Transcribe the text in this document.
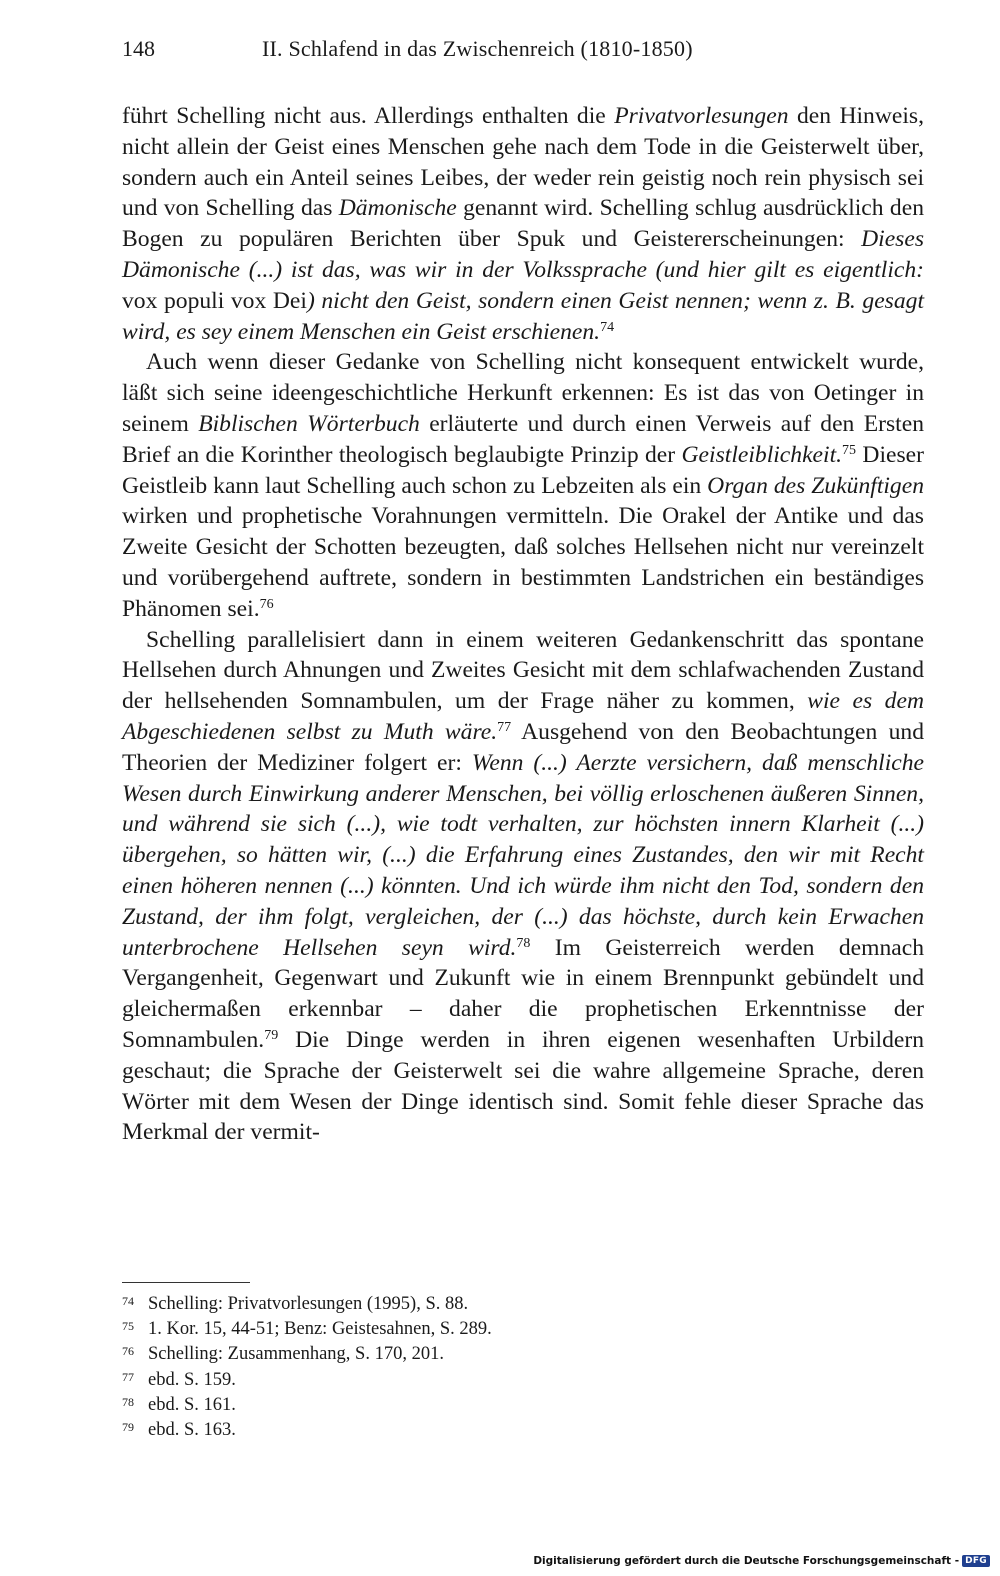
148	II. Schlafend in das Zwischenreich (1810-1850)

führt Schelling nicht aus. Allerdings enthalten die Privatvorlesungen den Hinweis, nicht allein der Geist eines Menschen gehe nach dem Tode in die Geisterwelt über, sondern auch ein Anteil seines Leibes, der weder rein geistig noch rein physisch sei und von Schelling das Dämonische genannt wird. Schelling schlug ausdrücklich den Bogen zu populären Berichten über Spuk und Geistererscheinungen: Dieses Dämonische (...) ist das, was wir in der Volkssprache (und hier gilt es eigentlich: vox populi vox Dei) nicht den Geist, sondern einen Geist nennen; wenn z. B. gesagt wird, es sey einem Menschen ein Geist erschienen.$^{74}$

Auch wenn dieser Gedanke von Schelling nicht konsequent entwickelt wurde, läßt sich seine ideengeschichtliche Herkunft erkennen: Es ist das von Oetinger in seinem Biblischen Wörterbuch erläuterte und durch einen Verweis auf den Ersten Brief an die Korinther theologisch beglaubigte Prinzip der Geistleiblichkeit.$^{75}$ Dieser Geistleib kann laut Schelling auch schon zu Lebzeiten als ein Organ des Zukünftigen wirken und prophetische Vorahnungen vermitteln. Die Orakel der Antike und das Zweite Gesicht der Schotten bezeugten, daß solches Hellsehen nicht nur vereinzelt und vorübergehend auftrete, sondern in bestimmten Landstrichen ein beständiges Phänomen sei.$^{76}$

Schelling parallelisiert dann in einem weiteren Gedankenschritt das spontane Hellsehen durch Ahnungen und Zweites Gesicht mit dem schlafwachenden Zustand der hellsehenden Somnambulen, um der Frage näher zu kommen, wie es dem Abgeschiedenen selbst zu Muth wäre.$^{77}$ Ausgehend von den Beobachtungen und Theorien der Mediziner folgert er: Wenn (...) Aerzte versichern, daß menschliche Wesen durch Einwirkung anderer Menschen, bei völlig erloschenen äußeren Sinnen, und während sie sich (...), wie todt verhalten, zur höchsten innern Klarheit (...) übergehen, so hätten wir, (...) die Erfahrung eines Zustandes, den wir mit Recht einen höheren nennen (...) könnten. Und ich würde ihm nicht den Tod, sondern den Zustand, der ihm folgt, vergleichen, der (...) das höchste, durch kein Erwachen unterbrochene Hellsehen seyn wird.$^{78}$ Im Geisterreich werden demnach Vergangenheit, Gegenwart und Zukunft wie in einem Brennpunkt gebündelt und gleichermaßen erkennbar – daher die prophetischen Erkenntnisse der Somnambulen.$^{79}$ Die Dinge werden in ihren eigenen wesenhaften Urbildern geschaut; die Sprache der Geisterwelt sei die wahre allgemeine Sprache, deren Wörter mit dem Wesen der Dinge identisch sind. Somit fehle dieser Sprache das Merkmal der vermit-

74 Schelling: Privatvorlesungen (1995), S. 88.
75 1. Kor. 15, 44-51; Benz: Geistesahnen, S. 289.
76 Schelling: Zusammenhang, S. 170, 201.
77 ebd. S. 159.
78 ebd. S. 161.
79 ebd. S. 163.
Digitalisierung gefördert durch die Deutsche Forschungsgemeinschaft - DFG
